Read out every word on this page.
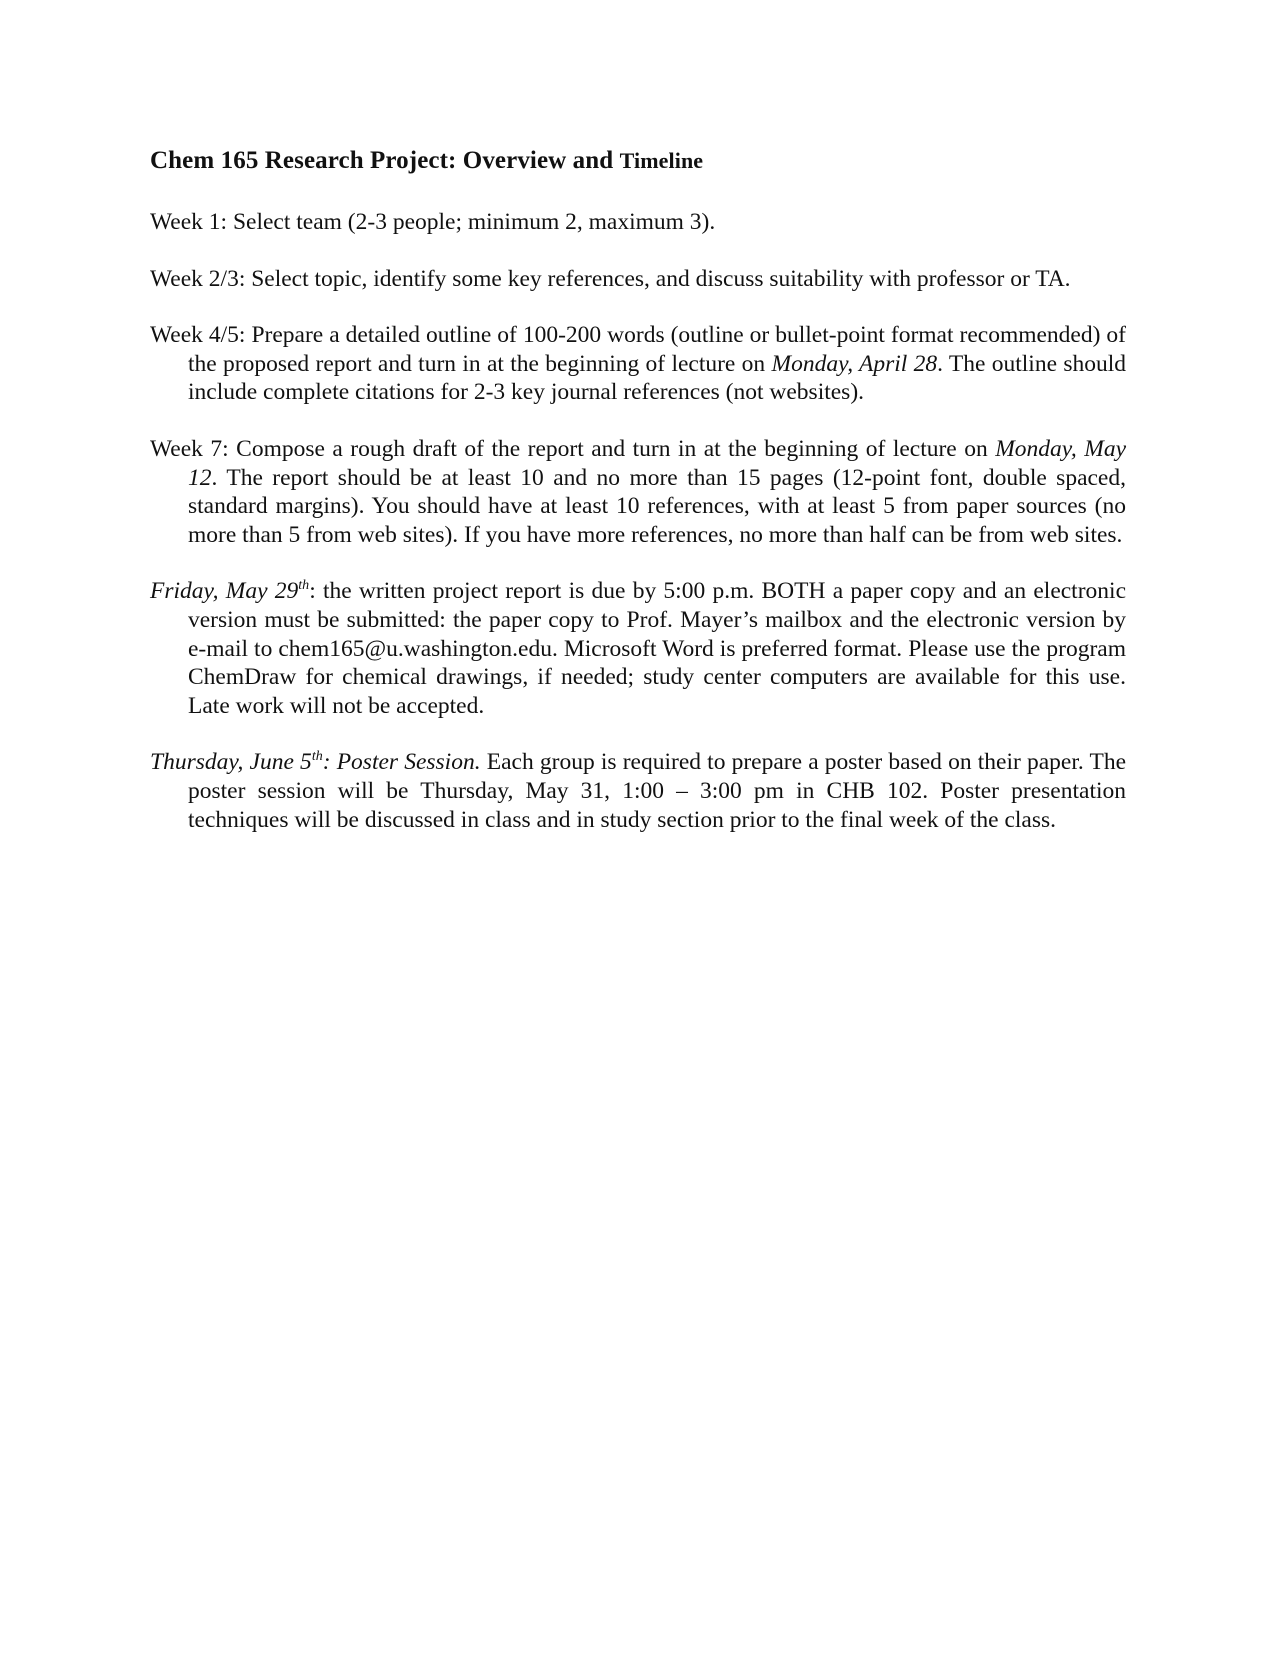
Chem 165 Research Project: Overview and Timeline

Week 1: Select team (2-3 people; minimum 2, maximum 3).

Week 2/3: Select topic, identify some key references, and discuss suitability with professor or TA.

Week 4/5: Prepare a detailed outline of 100-200 words (outline or bullet-point format recommended) of the proposed report and turn in at the beginning of lecture on Monday, April 28. The outline should include complete citations for 2-3 key journal references (not websites).

Week 7: Compose a rough draft of the report and turn in at the beginning of lecture on Monday, May 12. The report should be at least 10 and no more than 15 pages (12-point font, double spaced, standard margins). You should have at least 10 references, with at least 5 from paper sources (no more than 5 from web sites). If you have more references, no more than half can be from web sites.

Friday, May 29th: the written project report is due by 5:00 p.m. BOTH a paper copy and an electronic version must be submitted: the paper copy to Prof. Mayer’s mailbox and the electronic version by e-mail to chem165@u.washington.edu. Microsoft Word is preferred format. Please use the program ChemDraw for chemical drawings, if needed; study center computers are available for this use. Late work will not be accepted.

Thursday, June 5th: Poster Session. Each group is required to prepare a poster based on their paper. The poster session will be Thursday, May 31, 1:00 – 3:00 pm in CHB 102. Poster presentation techniques will be discussed in class and in study section prior to the final week of the class.
